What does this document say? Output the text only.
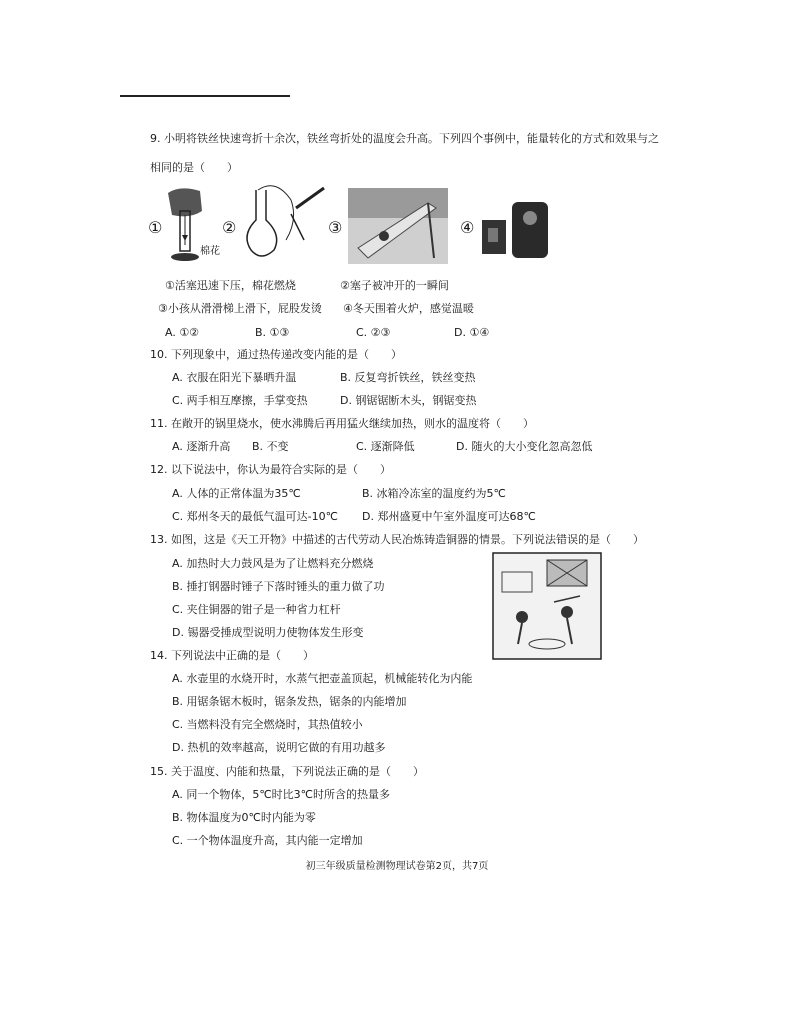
9. 小明将铁丝快速弯折十余次，铁丝弯折处的温度会升高。下列四个事例中，能量转化的方式和效果与之
相同的是（　　）
①
棉花
②	③	④
①活塞迅速下压，棉花燃烧	②塞子被冲开的一瞬间
③小孩从滑滑梯上滑下，屁股发烫 ④冬天围着火炉，感觉温暖
A. ①②	B. ①③	C. ②③	D. ①④
10. 下列现象中，通过热传递改变内能的是（　　）
A. 衣服在阳光下暴晒升温	B. 反复弯折铁丝，铁丝变热
C. 两手相互摩擦，手掌变热	D. 钢锯锯断木头，钢锯变热
11. 在敞开的锅里烧水，使水沸腾后再用猛火继续加热，则水的温度将（　　）
A. 逐渐升高 B. 不变	C. 逐渐降低	D. 随火的大小变化忽高忽低
12. 以下说法中，你认为最符合实际的是（　　）
A. 人体的正常体温为35℃	B. 冰箱冷冻室的温度约为5℃
C. 郑州冬天的最低气温可达-10℃ D. 郑州盛夏中午室外温度可达68℃
13. 如图，这是《天工开物》中描述的古代劳动人民冶炼铸造铜器的情景。下列说法错误的是（　　）
A. 加热时大力鼓风是为了让燃料充分燃烧
B. 捶打钢器时锤子下落时锤头的重力做了功
C. 夹住铜器的钳子是一种省力杠杆
D. 锡器受捶成型说明力使物体发生形变
14. 下列说法中正确的是（　　）
A. 水壶里的水烧开时，水蒸气把壶盖顶起，机械能转化为内能
B. 用锯条锯木板时，锯条发热，锯条的内能增加
C. 当燃料没有完全燃烧时，其热值较小
D. 热机的效率越高，说明它做的有用功越多
15. 关于温度、内能和热量，下列说法正确的是（　　）
A. 同一个物体，5℃时比3℃时所含的热量多
B. 物体温度为0℃时内能为零
C. 一个物体温度升高，其内能一定增加
初三年级质量检测物理试卷第2页，共7页
